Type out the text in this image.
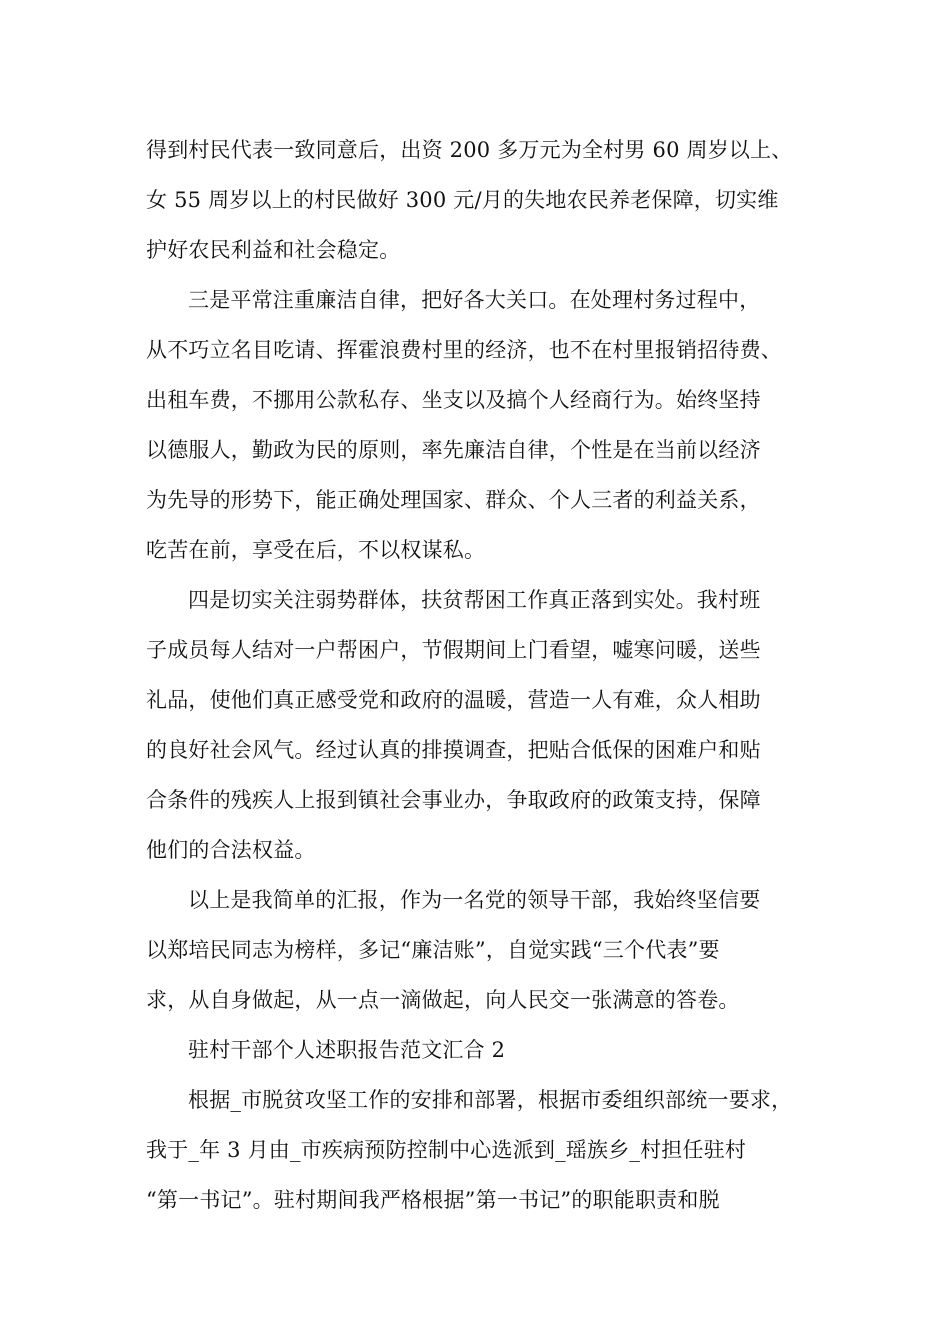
得到村民代表一致同意后，出资 200 多万元为全村男 60 周岁以上、
女 55 周岁以上的村民做好 300 元/月的失地农民养老保障，切实维
护好农民利益和社会稳定。
三是平常注重廉洁自律，把好各大关口。在处理村务过程中，
从不巧立名目吃请、挥霍浪费村里的经济，也不在村里报销招待费、
出租车费，不挪用公款私存、坐支以及搞个人经商行为。始终坚持
以德服人，勤政为民的原则，率先廉洁自律，个性是在当前以经济
为先导的形势下，能正确处理国家、群众、个人三者的利益关系，
吃苦在前，享受在后，不以权谋私。
四是切实关注弱势群体，扶贫帮困工作真正落到实处。我村班
子成员每人结对一户帮困户，节假期间上门看望，嘘寒问暖，送些
礼品，使他们真正感受党和政府的温暖，营造一人有难，众人相助
的良好社会风气。经过认真的排摸调查，把贴合低保的困难户和贴
合条件的残疾人上报到镇社会事业办，争取政府的政策支持，保障
他们的合法权益。
以上是我简单的汇报，作为一名党的领导干部，我始终坚信要
以郑培民同志为榜样，多记“廉洁账”，自觉实践“三个代表”要
求，从自身做起，从一点一滴做起，向人民交一张满意的答卷。
驻村干部个人述职报告范文汇合 2
根据_市脱贫攻坚工作的安排和部署，根据市委组织部统一要求，
我于_年 3 月由_市疾病预防控制中心选派到_瑶族乡_村担任驻村
“第一书记”。驻村期间我严格根据”第一书记”的职能职责和脱
